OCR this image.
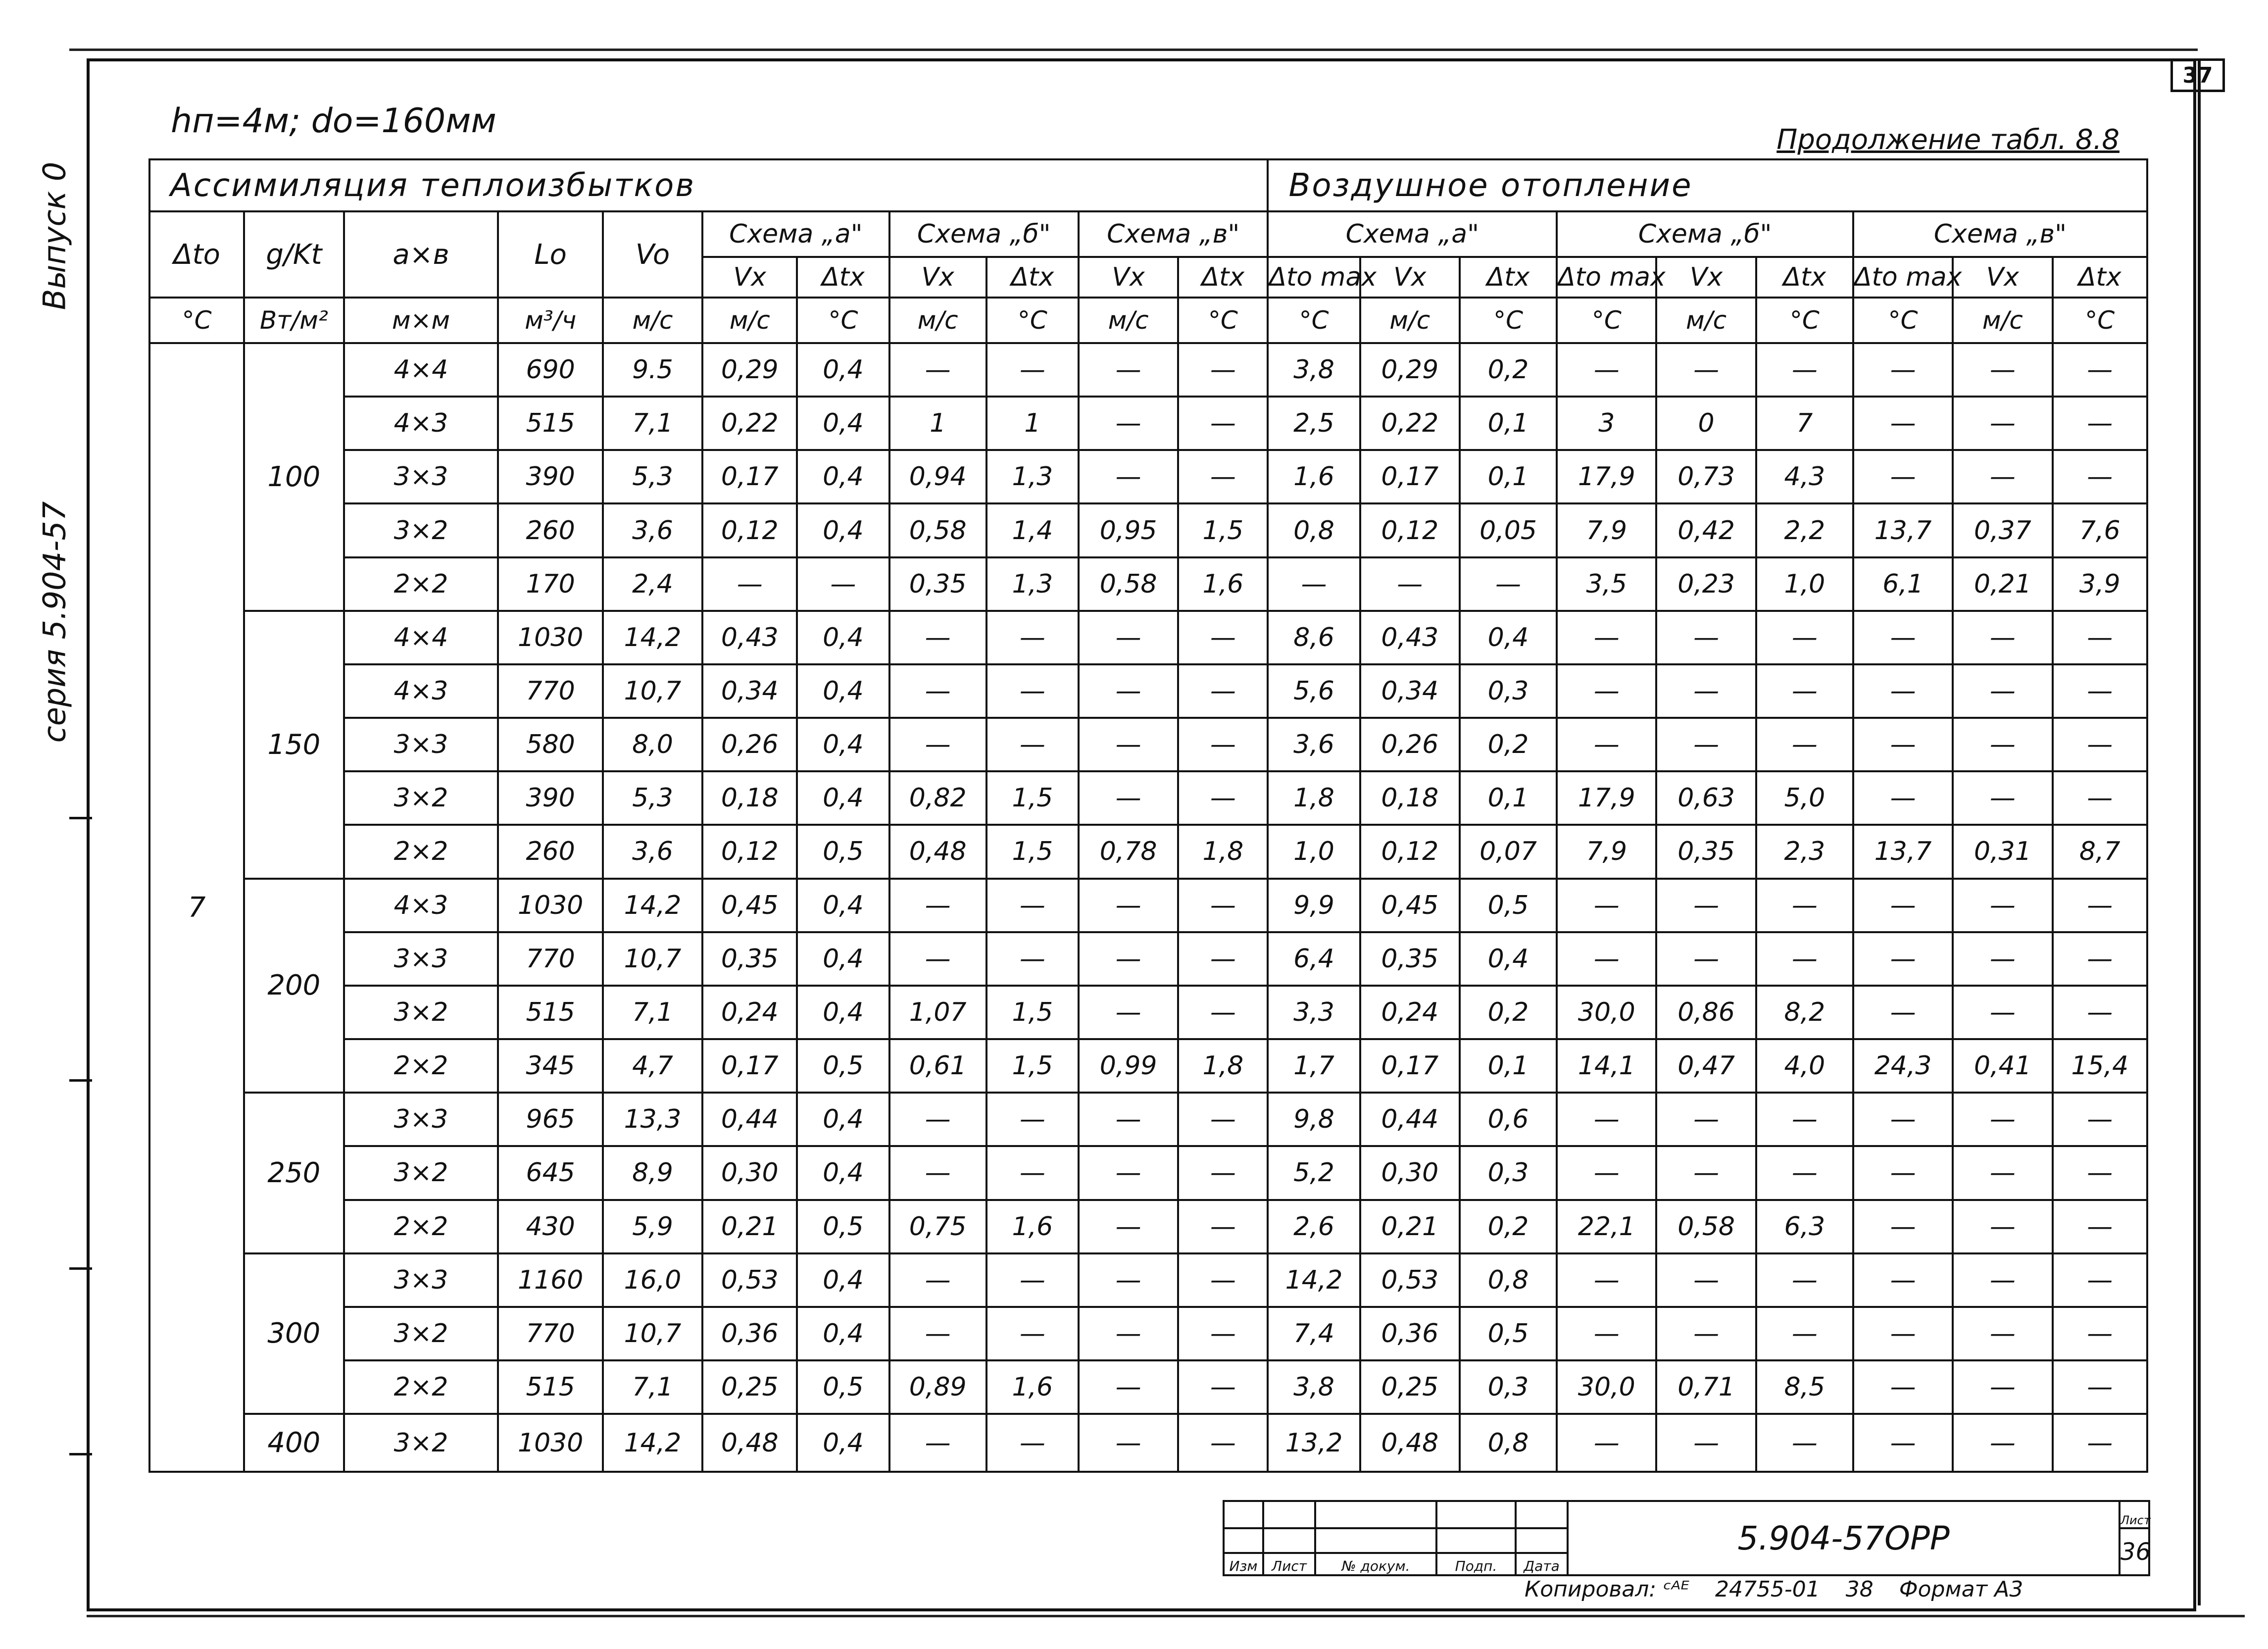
37
Выпуск 0
серия 5.904-57
hп=4м; dо=160мм	Продолжение табл. 8.8
Ассимиляция теплоизбытков											Воздушное отопление								
Δto	g/Kt	a×в	Lo	Vo	Схема „а"		Схема „б"		Схема „в"		Схема „а"			Схема „б"			Схема „в"		
					Vx	Δtx	Vx	Δtx	Vx	Δtx	Δto max	Vx	Δtx	Δto max	Vx	Δtx	Δto max	Vx	Δtx
°С	Вт/м²	м×м	м³/ч	м/с	м/с	°С	м/с	°С	м/с	°С	°С	м/с	°С	°С	м/с	°С	°С	м/с	°С
7	100	4×4	690	9.5	0,29	0,4	—	—	—	—	3,8	0,29	0,2	—	—	—	—	—	—
		4×3	515	7,1	0,22	0,4	1	1	—	—	2,5	0,22	0,1	3	0	7	—	—	—
		3×3	390	5,3	0,17	0,4	0,94	1,3	—	—	1,6	0,17	0,1	17,9	0,73	4,3	—	—	—
		3×2	260	3,6	0,12	0,4	0,58	1,4	0,95	1,5	0,8	0,12	0,05	7,9	0,42	2,2	13,7	0,37	7,6
		2×2	170	2,4	—	—	0,35	1,3	0,58	1,6	—	—	—	3,5	0,23	1,0	6,1	0,21	3,9
	150	4×4	1030	14,2	0,43	0,4	—	—	—	—	8,6	0,43	0,4	—	—	—	—	—	—
		4×3	770	10,7	0,34	0,4	—	—	—	—	5,6	0,34	0,3	—	—	—	—	—	—
		3×3	580	8,0	0,26	0,4	—	—	—	—	3,6	0,26	0,2	—	—	—	—	—	—
		3×2	390	5,3	0,18	0,4	0,82	1,5	—	—	1,8	0,18	0,1	17,9	0,63	5,0	—	—	—
		2×2	260	3,6	0,12	0,5	0,48	1,5	0,78	1,8	1,0	0,12	0,07	7,9	0,35	2,3	13,7	0,31	8,7
	200	4×3	1030	14,2	0,45	0,4	—	—	—	—	9,9	0,45	0,5	—	—	—	—	—	—
		3×3	770	10,7	0,35	0,4	—	—	—	—	6,4	0,35	0,4	—	—	—	—	—	—
		3×2	515	7,1	0,24	0,4	1,07	1,5	—	—	3,3	0,24	0,2	30,0	0,86	8,2	—	—	—
		2×2	345	4,7	0,17	0,5	0,61	1,5	0,99	1,8	1,7	0,17	0,1	14,1	0,47	4,0	24,3	0,41	15,4
	250	3×3	965	13,3	0,44	0,4	—	—	—	—	9,8	0,44	0,6	—	—	—	—	—	—
		3×2	645	8,9	0,30	0,4	—	—	—	—	5,2	0,30	0,3	—	—	—	—	—	—
		2×2	430	5,9	0,21	0,5	0,75	1,6	—	—	2,6	0,21	0,2	22,1	0,58	6,3	—	—	—
	300	3×3	1160	16,0	0,53	0,4	—	—	—	—	14,2	0,53	0,8	—	—	—	—	—	—
		3×2	770	10,7	0,36	0,4	—	—	—	—	7,4	0,36	0,5	—	—	—	—	—	—
		2×2	515	7,1	0,25	0,5	0,89	1,6	—	—	3,8	0,25	0,3	30,0	0,71	8,5	—	—	—
	400	3×2	1030	14,2	0,48	0,4	—	—	—	—	13,2	0,48	0,8	—	—	—	—	—	—
					5.904-57ОРР	Лист
						36
Изм	Лист	№ докум.	Подп.	Дата		
Копировал: ᶜᴬᴱ 24755-01 38 Формат А3
